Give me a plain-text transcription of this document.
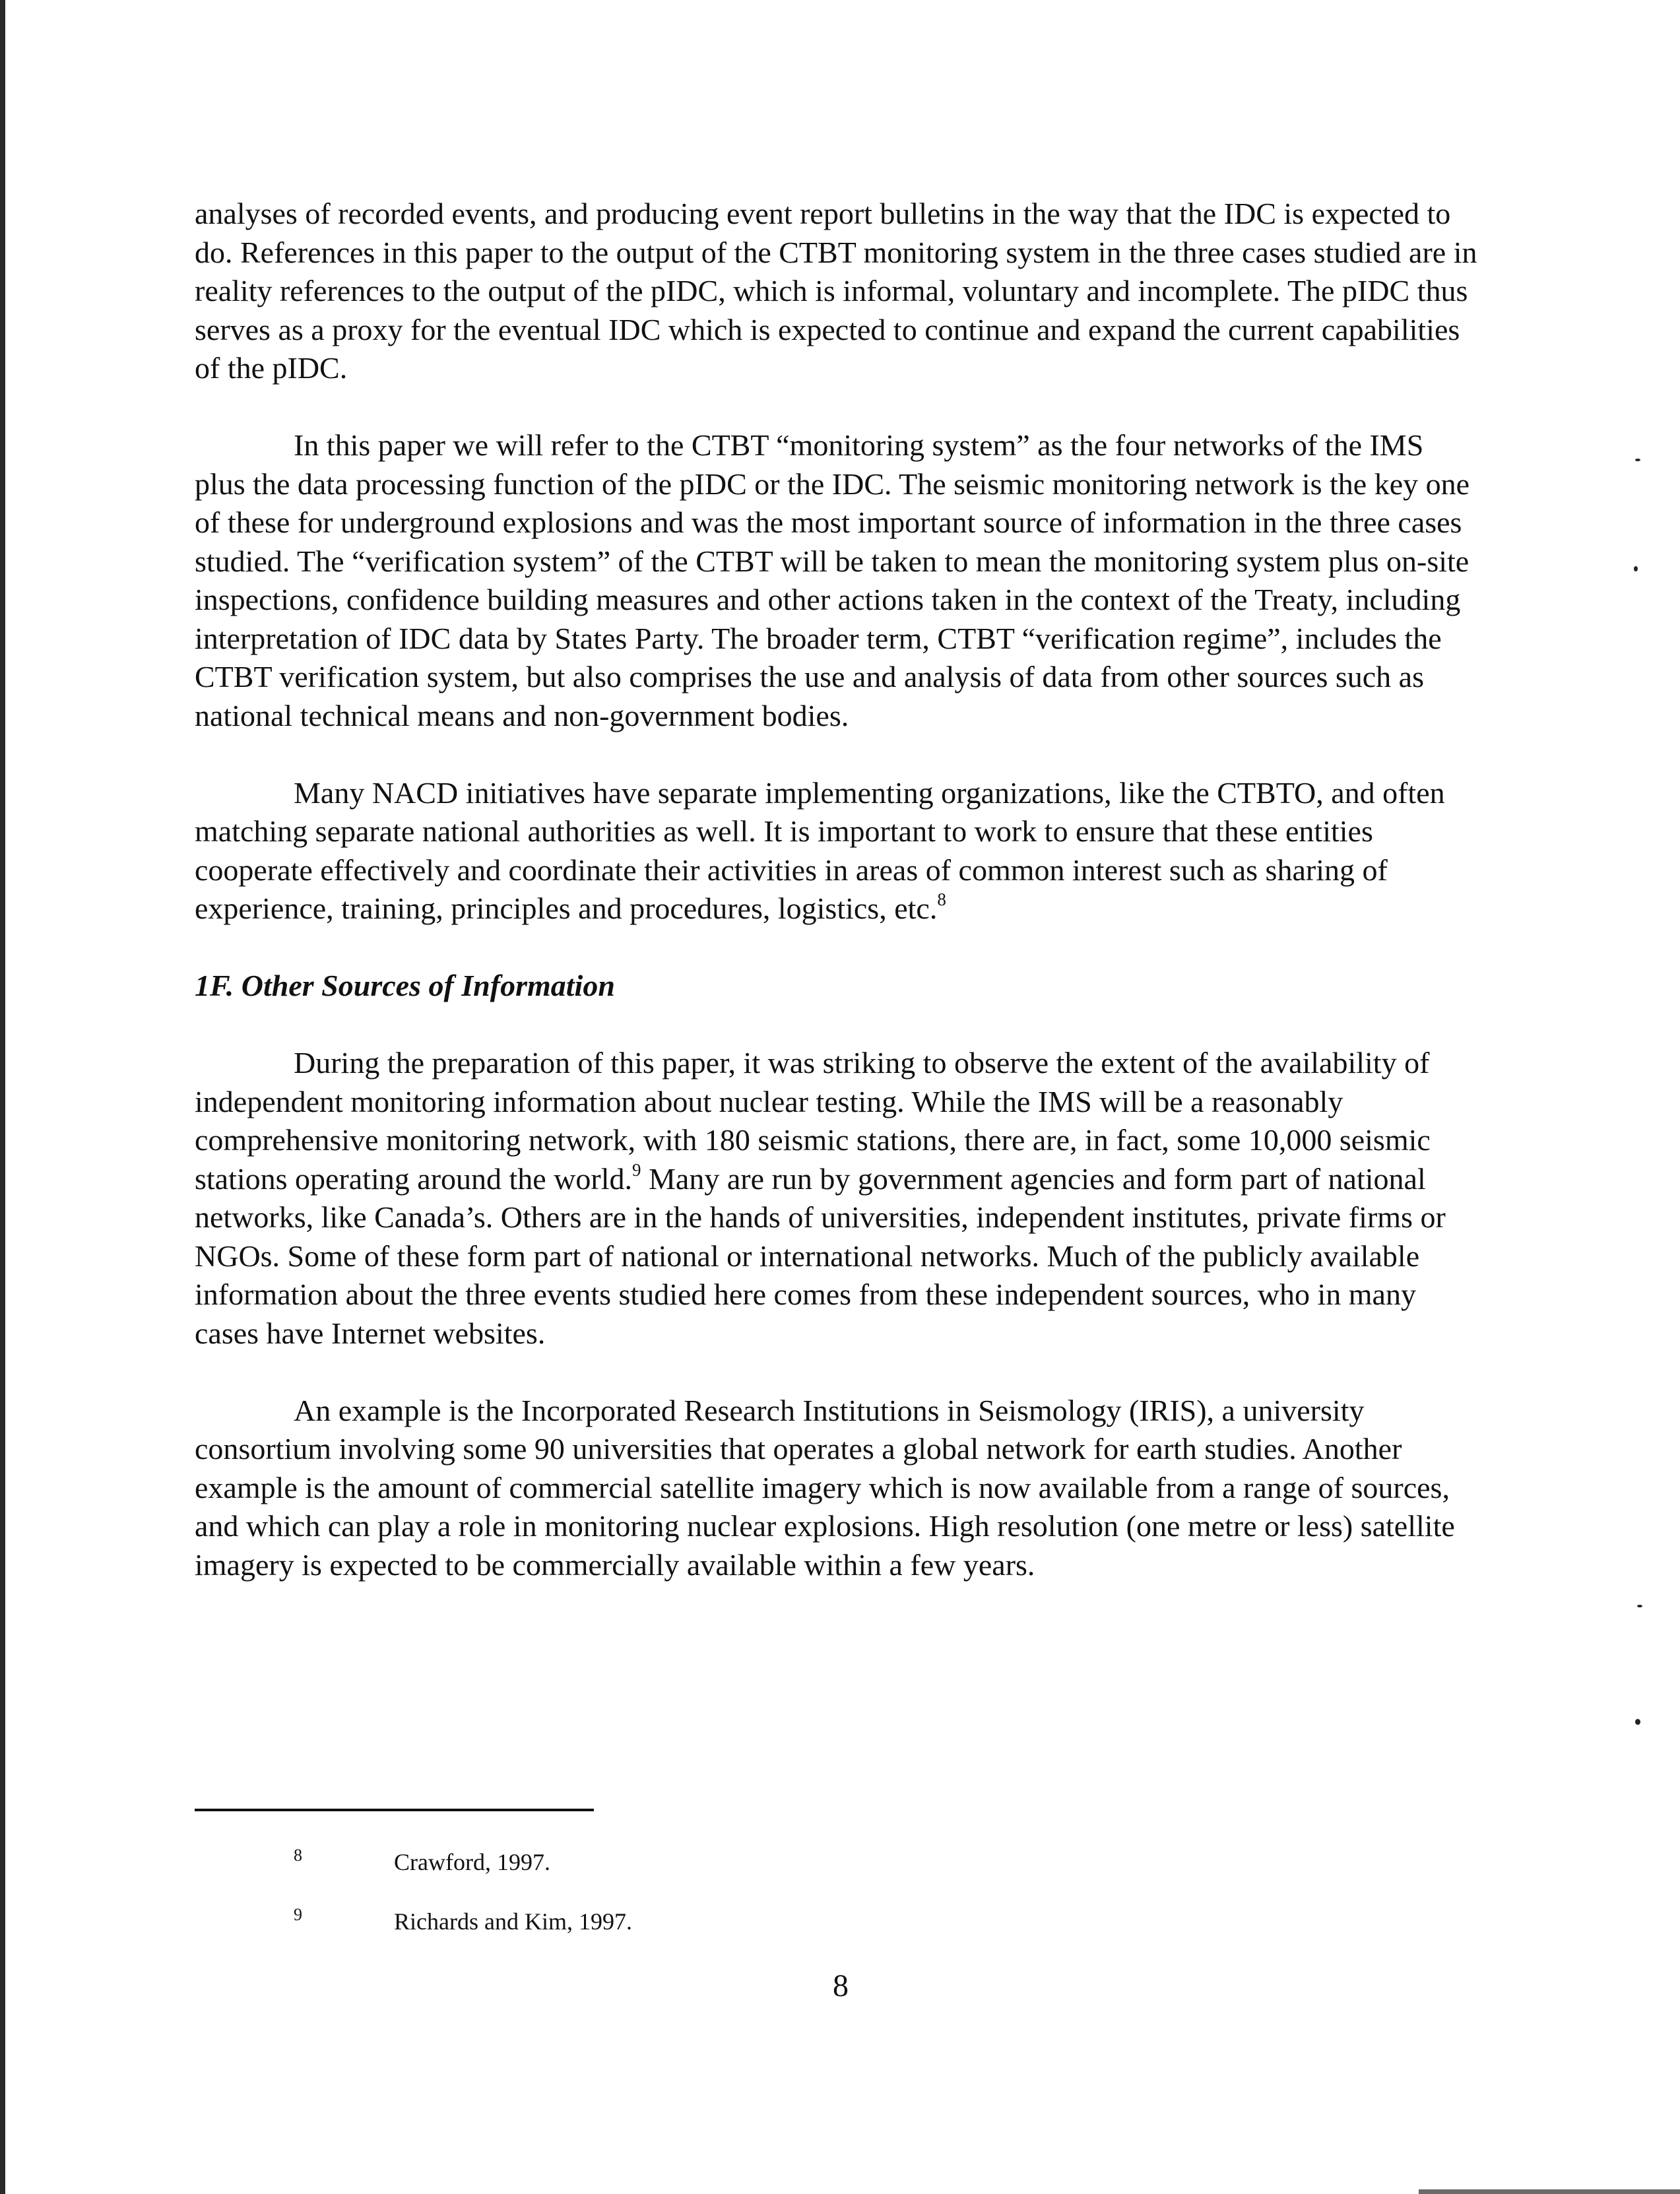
analyses of recorded events, and producing event report bulletins in the way that the IDC is expected to do. References in this paper to the output of the CTBT monitoring system in the three cases studied are in reality references to the output of the pIDC, which is informal, voluntary and incomplete. The pIDC thus serves as a proxy for the eventual IDC which is expected to continue and expand the current capabilities of the pIDC.

In this paper we will refer to the CTBT “monitoring system” as the four networks of the IMS plus the data processing function of the pIDC or the IDC. The seismic monitoring network is the key one of these for underground explosions and was the most important source of information in the three cases studied. The “verification system” of the CTBT will be taken to mean the monitoring system plus on-site inspections, confidence building measures and other actions taken in the context of the Treaty, including interpretation of IDC data by States Party. The broader term, CTBT “verification regime”, includes the CTBT verification system, but also comprises the use and analysis of data from other sources such as national technical means and non-government bodies.

Many NACD initiatives have separate implementing organizations, like the CTBTO, and often matching separate national authorities as well. It is important to work to ensure that these entities cooperate effectively and coordinate their activities in areas of common interest such as sharing of experience, training, principles and procedures, logistics, etc.$^8$

1F. Other Sources of Information

During the preparation of this paper, it was striking to observe the extent of the availability of independent monitoring information about nuclear testing. While the IMS will be a reasonably comprehensive monitoring network, with 180 seismic stations, there are, in fact, some 10,000 seismic stations operating around the world.$^9$ Many are run by government agencies and form part of national networks, like Canada’s. Others are in the hands of universities, independent institutes, private firms or NGOs. Some of these form part of national or international networks. Much of the publicly available information about the three events studied here comes from these independent sources, who in many cases have Internet websites.

An example is the Incorporated Research Institutions in Seismology (IRIS), a university consortium involving some 90 universities that operates a global network for earth studies. Another example is the amount of commercial satellite imagery which is now available from a range of sources, and which can play a role in monitoring nuclear explosions. High resolution (one metre or less) satellite imagery is expected to be commercially available within a few years.

8	Crawford, 1997.
9	Richards and Kim, 1997.
8
